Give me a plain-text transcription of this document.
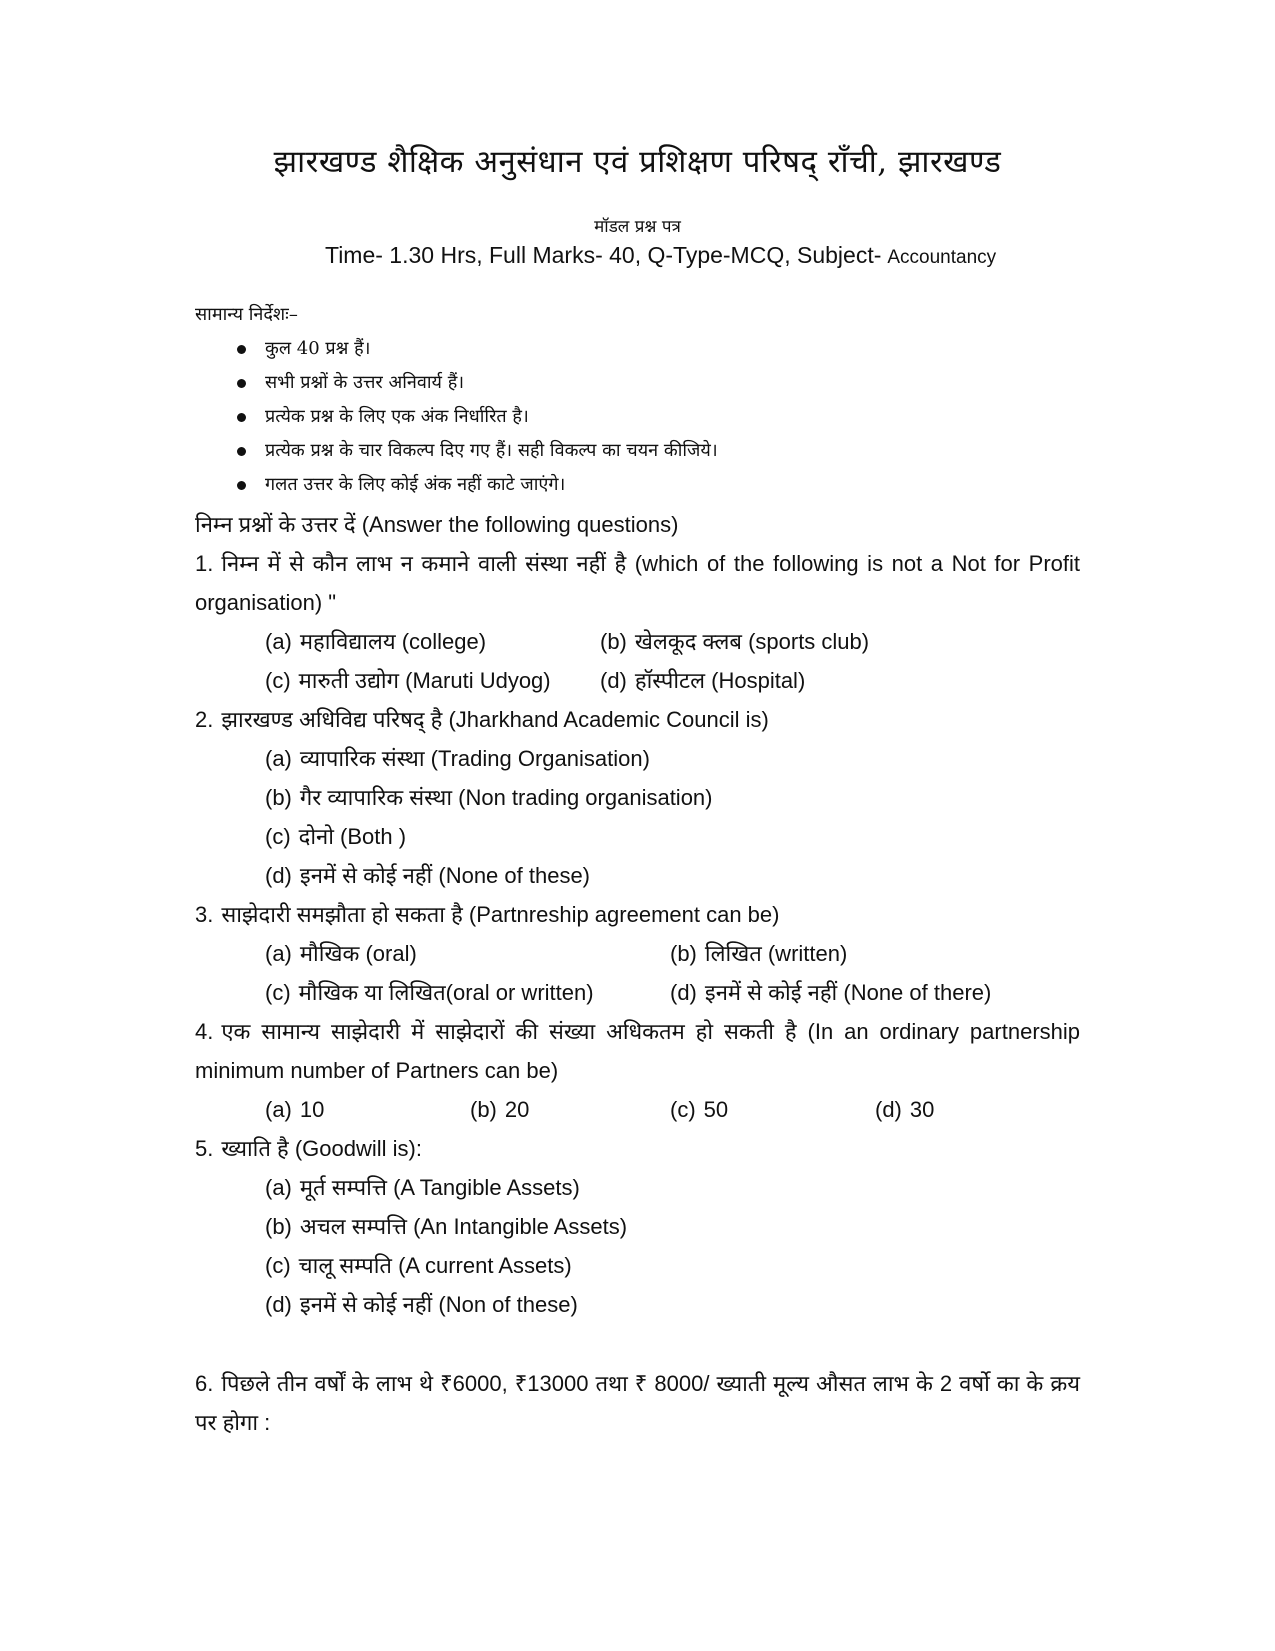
झारखण्ड शैक्षिक अनुसंधान एवं प्रशिक्षण परिषद् राँची, झारखण्ड
मॉडल प्रश्न पत्र
Time- 1.30 Hrs, Full Marks- 40, Q-Type-MCQ, Subject- Accountancy
सामान्य निर्देशः–
कुल 40 प्रश्न हैं।
सभी प्रश्नों के उत्तर अनिवार्य हैं।
प्रत्येक प्रश्न के लिए एक अंक निर्धारित है।
प्रत्येक प्रश्न के चार विकल्प दिए गए हैं। सही विकल्प का चयन कीजिये।
गलत उत्तर के लिए कोई अंक नहीं काटे जाएंगे।
निम्न प्रश्नों के उत्तर दें (Answer the following questions)
1. निम्न में से कौन लाभ न कमाने वाली संस्था नहीं है (which of the following is not a Not for Profit organisation) "
(a) महाविद्यालय (college)	(b) खेलकूद क्लब (sports club)
(c) मारुती उद्योग (Maruti Udyog) (d) हॉस्पीटल (Hospital)
2. झारखण्ड अधिविद्य परिषद् है (Jharkhand Academic Council is)
(a) व्यापारिक संस्था (Trading Organisation)
(b) गैर व्यापारिक संस्था (Non trading organisation)
(c) दोनो (Both )
(d) इनमें से कोई नहीं (None of these)
3. साझेदारी समझौता हो सकता है (Partnreship agreement can be)
(a) मौखिक (oral)	(b) लिखित (written)
(c) मौखिक या लिखित(oral or written)	(d) इनमें से कोई नहीं (None of there)
4. एक सामान्य साझेदारी में साझेदारों की संख्या अधिकतम हो सकती है (In an ordinary partnership minimum number of Partners can be)
(a) 10	(b) 20	(c) 50	(d) 30
5. ख्याति है (Goodwill is):
(a) मूर्त सम्पत्ति (A Tangible Assets)
(b) अचल सम्पत्ति (An Intangible Assets)
(c) चालू सम्पति (A current Assets)
(d) इनमें से कोई नहीं (Non of these)
6. पिछले तीन वर्षों के लाभ थे ₹6000, ₹13000 तथा ₹ 8000/ ख्याती मूल्य औसत लाभ के 2 वर्षो का के क्रय पर होगा :
